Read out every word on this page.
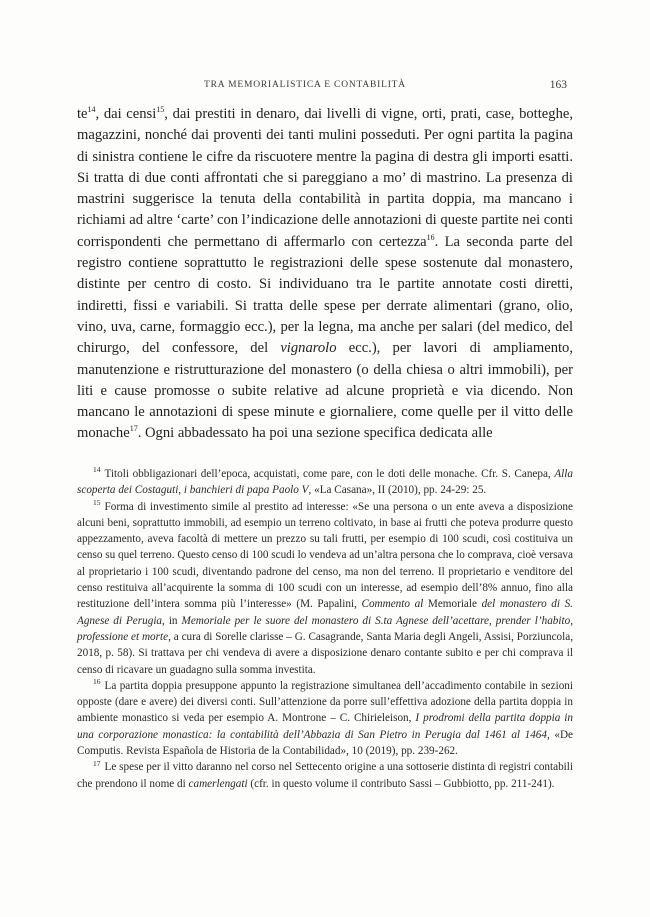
TRA MEMORIALISTICA E CONTABILITÀ	163

$te^{14}$, dai censi$^{15}$, dai prestiti in denaro, dai livelli di vigne, orti, prati, case, botteghe, magazzini, nonché dai proventi dei tanti mulini posseduti. Per ogni partita la pagina di sinistra contiene le cifre da riscuotere mentre la pagina di destra gli importi esatti. Si tratta di due conti affrontati che si pareggiano a mo’ di mastrino. La presenza di mastrini suggerisce la tenuta della contabilità in partita doppia, ma mancano i richiami ad altre ‘carte’ con l’indicazione delle annotazioni di queste partite nei conti corrispondenti che permettano di affermarlo con certezza$^{16}$. La seconda parte del registro contiene soprattutto le registrazioni delle spese sostenute dal monastero, distinte per centro di costo. Si individuano tra le partite annotate costi diretti, indiretti, fissi e variabili. Si tratta delle spese per derrate alimentari (grano, olio, vino, uva, carne, formaggio ecc.), per la legna, ma anche per salari (del medico, del chirurgo, del confessore, del vignarolo ecc.), per lavori di ampliamento, manutenzione e ristrutturazione del monastero (o della chiesa o altri immobili), per liti e cause promosse o subite relative ad alcune proprietà e via dicendo. Non mancano le annotazioni di spese minute e giornaliere, come quelle per il vitto delle monache$^{17}$. Ogni abbadessato ha poi una sezione specifica dedicata alle

$^{14}$ Titoli obbligazionari dell’epoca, acquistati, come pare, con le doti delle monache. Cfr. S. Canepa, Alla scoperta dei Costaguti, i banchieri di papa Paolo V, «La Casana», II (2010), pp. 24-29: 25.

$^{15}$ Forma di investimento simile al prestito ad interesse: «Se una persona o un ente aveva a disposizione alcuni beni, soprattutto immobili, ad esempio un terreno coltivato, in base ai frutti che poteva produrre questo appezzamento, aveva facoltà di mettere un prezzo su tali frutti, per esempio di 100 scudi, così costituiva un censo su quel terreno. Questo censo di 100 scudi lo vendeva ad un’altra persona che lo comprava, cioè versava al proprietario i 100 scudi, diventando padrone del censo, ma non del terreno. Il proprietario e venditore del censo restituiva all’acquirente la somma di 100 scudi con un interesse, ad esempio dell’8% annuo, fino alla restituzione dell’intera somma più l’interesse» (M. Papalini, Commento al Memoriale del monastero di S. Agnese di Perugia, in Memoriale per le suore del monastero di S.ta Agnese dell’acettare, prender l’habito, professione et morte, a cura di Sorelle clarisse – G. Casagrande, Santa Maria degli Angeli, Assisi, Porziuncola, 2018, p. 58). Si trattava per chi vendeva di avere a disposizione denaro contante subito e per chi comprava il censo di ricavare un guadagno sulla somma investita.

$^{16}$ La partita doppia presuppone appunto la registrazione simultanea dell’accadimento contabile in sezioni opposte (dare e avere) dei diversi conti. Sull’attenzione da porre sull’effettiva adozione della partita doppia in ambiente monastico si veda per esempio A. Montrone – C. Chirieleison, I prodromi della partita doppia in una corporazione monastica: la contabilità dell’Abbazia di San Pietro in Perugia dal 1461 al 1464, «De Computis. Revista Española de Historia de la Contabilidad», 10 (2019), pp. 239-262.

$^{17}$ Le spese per il vitto daranno nel corso nel Settecento origine a una sottoserie distinta di registri contabili che prendono il nome di camerlengati (cfr. in questo volume il contributo Sassi – Gubbiotto, pp. 211-241).
